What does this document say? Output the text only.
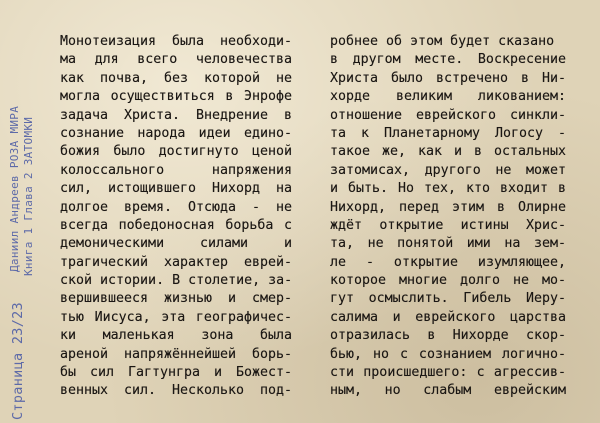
Даниил Андреев РОЗА МИРА Книга 1 Глава 2 ЗАТОМКИ
Страница 23/23
Монотеизация была необходи-
ма для всего человечества
как почва, без которой не
могла осуществиться в Энрофе
задача Христа. Внедрение в
сознание народа идеи едино-
божия было достигнуто ценой
колоссального напряжения
сил, истощившего Нихорд на
долгое время. Отсюда - не
всегда победоносная борьба с
демоническими силами и
трагический характер еврей-
ской истории. В столетие, за-
вершившееся жизнью и смер-
тью Иисуса, эта географичес-
ки маленькая зона была
ареной напряжённейшей борь-
бы сил Гагтунгра и Божест-
венных сил. Несколько под-
робнее об этом будет сказано
в другом месте. Воскресение
Христа было встречено в Ни-
хорде великим ликованием:
отношение еврейского синкли-
та к Планетарному Логосу -
такое же, как и в остальных
затомисах, другого не может
и быть. Но тех, кто входит в
Нихорд, перед этим в Олирне
ждёт открытие истины Хрис-
та, не понятой ими на зем-
ле - открытие изумляющее,
которое многие долго не мо-
гут осмыслить. Гибель Иеру-
салима и еврейского царства
отразилась в Нихорде скор-
бью, но с сознанием логично-
сти происшедшего: с агрессив-
ным, но слабым еврейским
